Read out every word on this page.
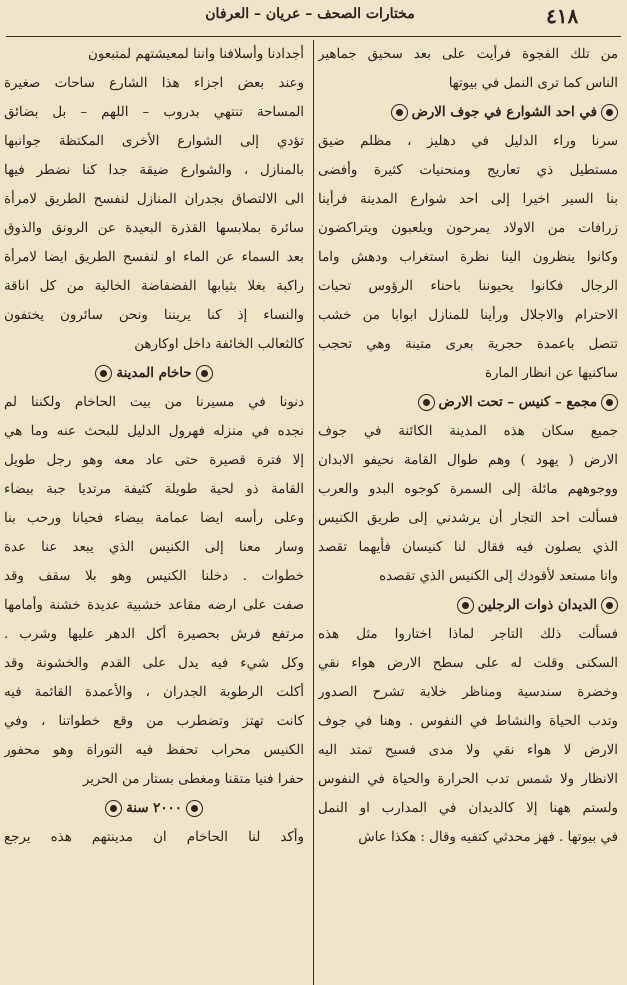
٤١٨
مختارات الصحف – عريان – العرفان
من تلك الفجوة فرأيت على بعد سحيق جماهير
الناس كما ترى النمل في بيوتها
في احد الشوارع في جوف الارض
سرنا وراء الدليل في دهليز ، مظلم ضيق
مستطيل ذي تعاريج ومنحنيات كثيرة وأفضى
بنا السير اخيرا إلى احد شوارع المدينة فرأينا
زرافات من الاولاد يمرحون ويلعبون ويتراكضون
وكانوا ينظرون الينا نظرة استغراب ودهش واما
الرجال فكانوا يحيوننا باحناء الرؤوس تحيات
الاحترام والاجلال ورأينا للمنازل ابوابا من خشب
تتصل باعمدة حجرية بعرى متينة وهي تحجب
ساكنيها عن انظار المارة
مجمع – كنيس – تحت الارض
جميع سكان هذه المدينة الكائنة في جوف
الارض ( يهود ) وهم طوال القامة نحيفو الابدان
ووجوههم مائلة إلى السمرة كوجوه البدو والعرب
فسألت احد التجار أن يرشدني إلى طريق الكنيس
الذي يصلون فيه فقال لنا كنيسان فأيهما تقصد
وانا مستعد لأقودك إلى الكنيس الذي تقصده
الديدان ذوات الرجلين
فسألت ذلك التاجر لماذا اختاروا مثل هذه
السكنى وقلت له على سطح الارض هواء نقي
وخضرة سندسية ومناظر خلابة تشرح الصدور
وتدب الحياة والنشاط في النفوس . وهنا في جوف
الارض لا هواء نقي ولا مدى فسيح تمتد اليه
الانظار ولا شمس تدب الحرارة والحياة في النفوس
ولستم ههنا إلا كالديدان في المدارب او النمل
في بيوتها . فهز محدثي كتفيه وقال : هكذا عاش
أجدادنا وأسلافنا واننا لمعيشتهم لمتبعون
وعند بعض اجزاء هذا الشارع ساحات صغيرة
المساحة تنتهي بدروب – اللهم – بل بضائق
تؤدي إلى الشوارع الأخرى المكتظة جوانبها
بالمنازل ، والشوارع ضيقة جدا كنا نضطر فيها
الى الالتصاق بجدران المنازل لنفسح الطريق لامرأة
سائرة بملابسها القذرة البعيدة عن الرونق والذوق
بعد السماء عن الماء او لنفسح الطريق ايضا لامرأة
راكبة بغلا بثيابها الفضفاضة الخالية من كل اناقة
والنساء إذ كنا يريننا ونحن سائرون يختفون
كالثعالب الخائفة داخل اوكارهن
حاخام المدينة
دنونا في مسيرنا من بيت الحاخام ولكننا لم
نجده في منزله فهرول الدليل للبحث عنه وما هي
إلا فترة قصيرة حتى عاد معه وهو رجل طويل
القامة ذو لحية طويلة كثيفة مرتديا جبة بيضاء
وعلى رأسه ايضا عمامة بيضاء فحيانا ورحب بنا
وسار معنا إلى الكنيس الذي يبعد عنا عدة
خطوات . دخلنا الكنيس وهو بلا سقف وقد
صفت على ارضه مقاعد خشبية عديدة خشنة وأمامها
مرتفع فرش بحصيرة أكل الدهر عليها وشرب .
وكل شيء فيه يدل على القدم والخشونة وقد
أكلت الرطوبة الجدران ، والأعمدة القائمة فيه
كانت تهتز وتضطرب من وقع خطواتنا ، وفي
الكنيس محراب تحفظ فيه التوراة وهو محفور
حفرا فنيا متقنا ومغطى بستار من الحرير
٢٠٠٠ سنة
وأكد لنا الحاخام ان مدينتهم هذه يرجع
